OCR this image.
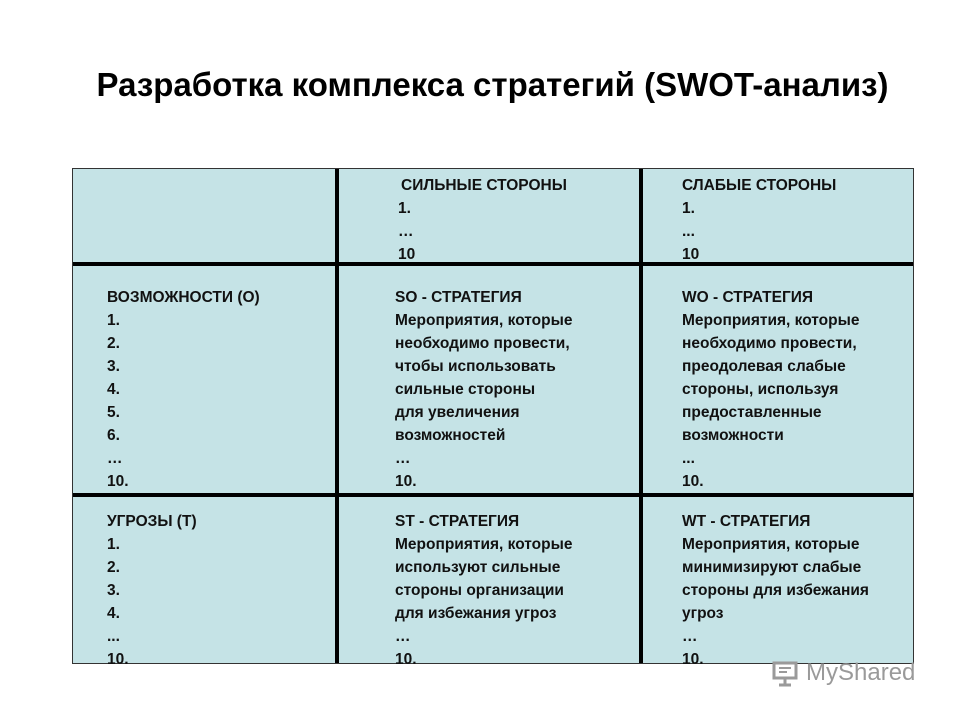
Разработка комплекса стратегий (SWOT-анализ)
СИЛЬНЫЕ СТОРОНЫ
1.
…
10
СЛАБЫЕ СТОРОНЫ
1.
...
10
ВОЗМОЖНОСТИ (О)
1.
2.
3.
4.
5.
6.
…
10.
SO - СТРАТЕГИЯ
Мероприятия, которые
необходимо провести,
чтобы использовать
сильные стороны
для увеличения
возможностей
…
10.
WO - СТРАТЕГИЯ
Мероприятия, которые
необходимо провести,
преодолевая слабые
стороны, используя
предоставленные
возможности
...
10.
УГРОЗЫ (Т)
1.
2.
3.
4.
...
10.
ST - СТРАТЕГИЯ
Мероприятия, которые
используют сильные
стороны организации
для избежания угроз
…
10.
WT - СТРАТЕГИЯ
Мероприятия, которые
минимизируют слабые
стороны для избежания
угроз
…
10.	MyShared
